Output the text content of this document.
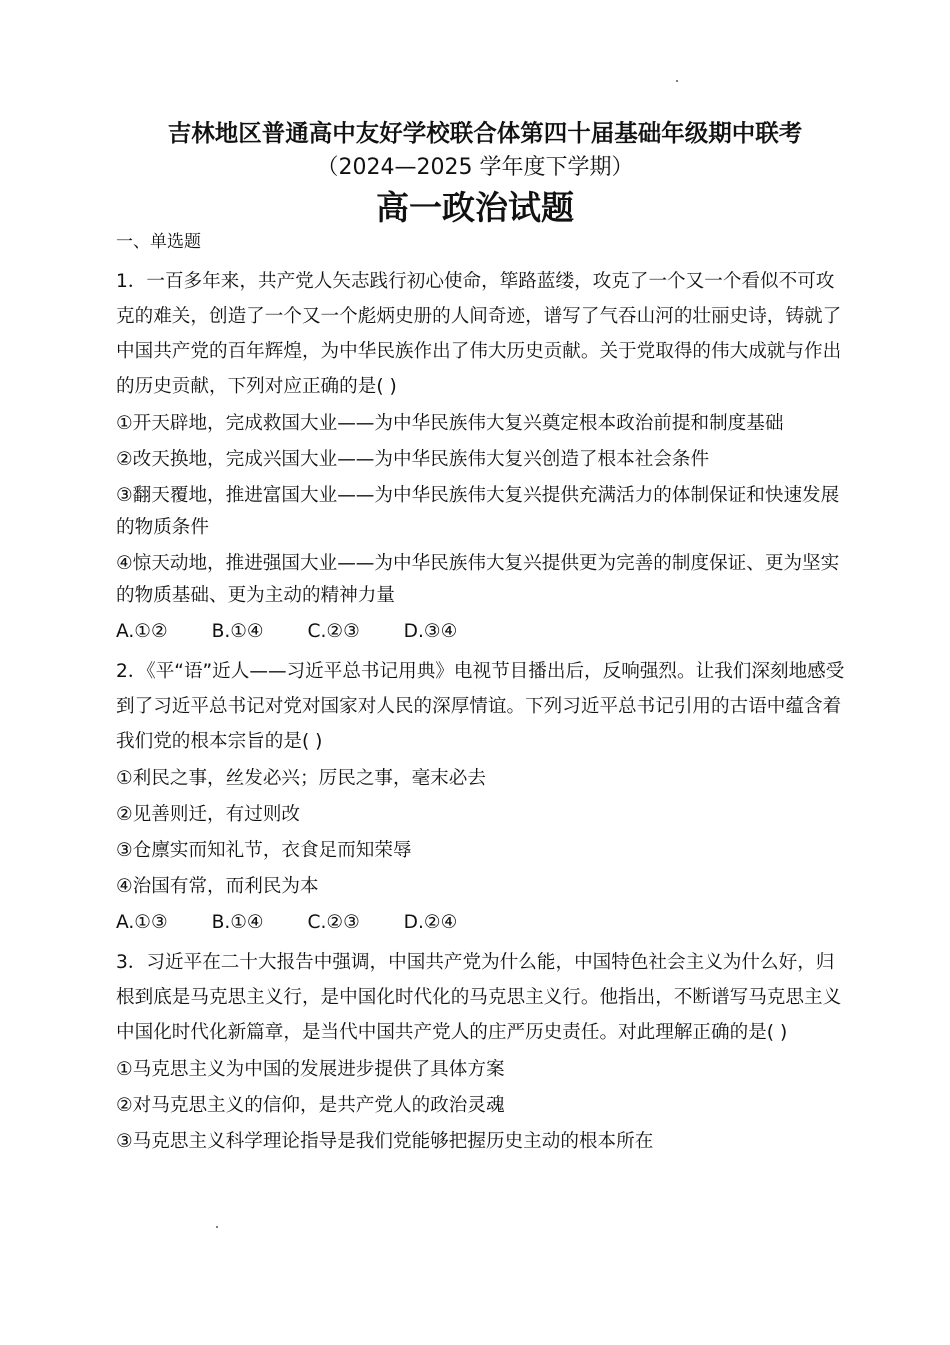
吉林地区普通高中友好学校联合体第四十届基础年级期中联考
（2024—2025 学年度下学期）
高一政治试题
一、单选题

1．一百多年来，共产党人矢志践行初心使命，筚路蓝缕，攻克了一个又一个看似不可攻克的难关，创造了一个又一个彪炳史册的人间奇迹，谱写了气吞山河的壮丽史诗，铸就了中国共产党的百年辉煌，为中华民族作出了伟大历史贡献。关于党取得的伟大成就与作出的历史贡献，下列对应正确的是( )

①开天辟地，完成救国大业——为中华民族伟大复兴奠定根本政治前提和制度基础

②改天换地，完成兴国大业——为中华民族伟大复兴创造了根本社会条件

③翻天覆地，推进富国大业——为中华民族伟大复兴提供充满活力的体制保证和快速发展的物质条件

④惊天动地，推进强国大业——为中华民族伟大复兴提供更为完善的制度保证、更为坚实的物质基础、更为主动的精神力量

A.①② B.①④ C.②③ D.③④

2．《平“语”近人——习近平总书记用典》电视节目播出后，反响强烈。让我们深刻地感受到了习近平总书记对党对国家对人民的深厚情谊。下列习近平总书记引用的古语中蕴含着我们党的根本宗旨的是( )

①利民之事，丝发必兴；厉民之事，毫末必去

②见善则迁，有过则改

③仓廪实而知礼节，衣食足而知荣辱

④治国有常，而利民为本

A.①③ B.①④ C.②③ D.②④

3．习近平在二十大报告中强调，中国共产党为什么能，中国特色社会主义为什么好，归根到底是马克思主义行，是中国化时代化的马克思主义行。他指出，不断谱写马克思主义中国化时代化新篇章，是当代中国共产党人的庄严历史责任。对此理解正确的是( )

①马克思主义为中国的发展进步提供了具体方案

②对马克思主义的信仰，是共产党人的政治灵魂

③马克思主义科学理论指导是我们党能够把握历史主动的根本所在
